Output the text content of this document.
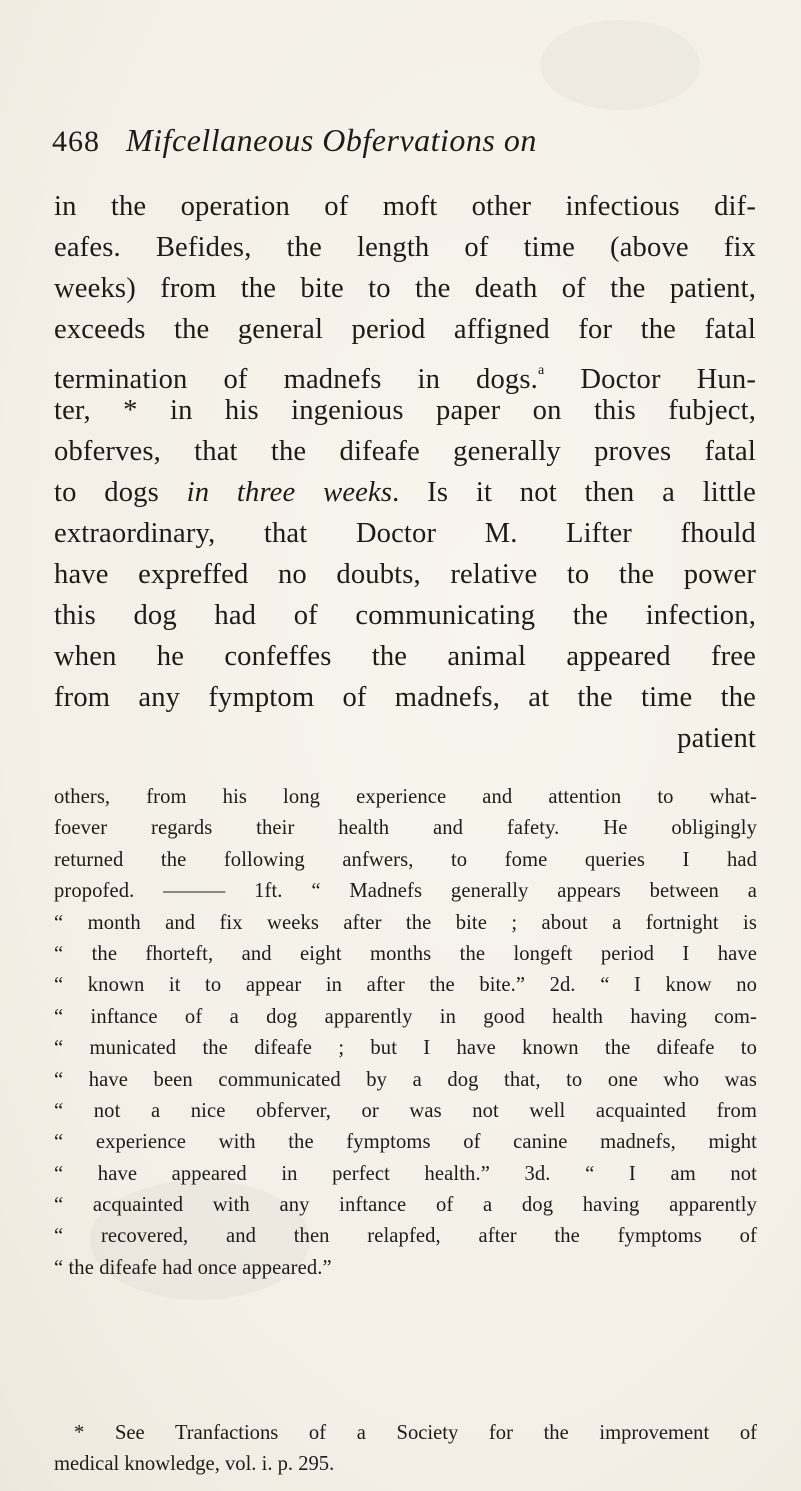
468 Mifcellaneous Obfervations on
in the operation of moft other infectious dif-
eafes. Befides, the length of time (above fix
weeks) from the bite to the death of the patient,
exceeds the general period affigned for the fatal
termination of madnefs in dogs.$^a$ Doctor Hun-
ter, * in his ingenious paper on this fubject,
obferves, that the difeafe generally proves fatal
to dogs in three weeks. Is it not then a little
extraordinary, that Doctor M. Lifter fhould
have expreffed no doubts, relative to the power
this dog had of communicating the infection,
when he confeffes the animal appeared free
from any fymptom of madnefs, at the time the
patient
others, from his long experience and attention to what-
foever regards their health and fafety. He obligingly
returned the following anfwers, to fome queries I had
propofed. ——— 1ft. “ Madnefs generally appears between a
“ month and fix weeks after the bite ; about a fortnight is
“ the fhorteft, and eight months the longeft period I have
“ known it to appear in after the bite.” 2d. “ I know no
“ inftance of a dog apparently in good health having com-
“ municated the difeafe ; but I have known the difeafe to
“ have been communicated by a dog that, to one who was
“ not a nice obferver, or was not well acquainted from
“ experience with the fymptoms of canine madnefs, might
“ have appeared in perfect health.” 3d. “ I am not
“ acquainted with any inftance of a dog having apparently
“ recovered, and then relapfed, after the fymptoms of
“ the difeafe had once appeared.”
* See Tranfactions of a Society for the improvement of
medical knowledge, vol. i. p. 295.
